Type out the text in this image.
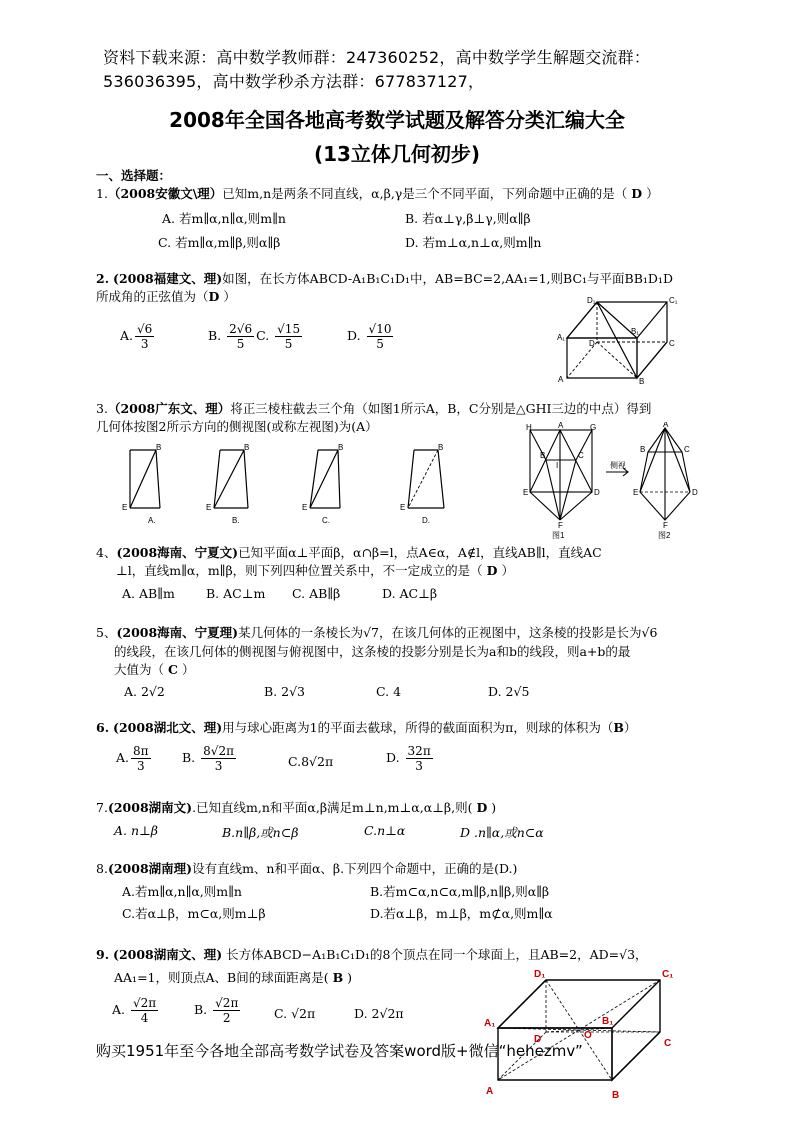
资料下载来源：高中数学教师群：247360252，高中数学学生解题交流群：
536036395，高中数学秒杀方法群：677837127，
2008年全国各地高考数学试题及解答分类汇编大全
(13立体几何初步)
一、选择题：
1.（2008安徽文\理）已知m,n是两条不同直线，α,β,γ是三个不同平面，下列命题中正确的是（ D ）
A. 若m∥α,n∥α,则m∥n	B. 若α⊥γ,β⊥γ,则α∥β
C. 若m∥α,m∥β,则α∥β	D. 若m⊥α,n⊥α,则m∥n
2. (2008福建文、理)如图，在长方体ABCD-A₁B₁C₁D₁中，AB=BC=2,AA₁=1,则BC₁与平面BB₁D₁D
所成角的正弦值为（D ）
A. $\frac{√6}{3}$	B. $\frac{2√6}{5} C$. $\frac{√15}{5}$	D. $\frac{√10}{5}$
D₁	C₁
A₁
B₁
D	C
A	B
3.（2008广东文、理）将正三棱柱截去三个角（如图1所示A，B，C分别是△GHI三边的中点）得到
几何体按图2所示方向的侧视图(或称左视图)为(A）
B
E
B
E
B
E
B
E
A.	B.	C.	D.
H	A	G
B	C
I
E	D
F
A
B	C
E	D
F
侧视
图1	图2
4、(2008海南、宁夏文)已知平面α⊥平面β，α∩β=l，点A∈α，A∉l，直线AB∥l，直线AC
⊥l，直线m∥α，m∥β，则下列四种位置关系中，不一定成立的是（ D ）
A. AB∥m B. AC⊥m C. AB∥β	D. AC⊥β
5、(2008海南、宁夏理)某几何体的一条棱长为√7，在该几何体的正视图中，这条棱的投影是长为√6
的线段，在该几何体的侧视图与俯视图中，这条棱的投影分别是长为a和b的线段，则a+b的最
大值为（ C ）
A. 2√2	B. 2√3	C. 4	D. 2√5
6. (2008湖北文、理)用与球心距离为1的平面去截球，所得的截面面积为π，则球的体积为（B）
A. $\frac{8\pi}{3}$	B. $\frac{8√2\pi}{3}$	C.8√2π	D. $\frac{32\pi}{3}$
7.(2008湖南文).已知直线m,n和平面α,β满足m⊥n,m⊥α,α⊥β,则( D )
A. n⊥β	B.n∥β,或n⊂β	C.n⊥α	D .n∥α,或n⊂α
8.(2008湖南理)设有直线m、n和平面α、β.下列四个命题中，正确的是(D.)
A.若m∥α,n∥α,则m∥n	B.若m⊂α,n⊂α,m∥β,n∥β,则α∥β
C.若α⊥β，m⊂α,则m⊥β	D.若α⊥β，m⊥β，m⊄α,则m∥α
9. (2008湖南文、理) 长方体ABCD−A₁B₁C₁D₁的8个顶点在同一个球面上，且AB=2，AD=√3，
AA₁=1，则顶点A、B间的球面距离是( B )
A. $\frac{√2\pi}{4}$	B. $\frac{√2\pi}{2}$	C. √2π	D. 2√2π
D₁	C₁
A₁	B₁
D	O
C
A	B
购买1951年至今各地全部高考数学试卷及答案word版+微信“hehezmv”
